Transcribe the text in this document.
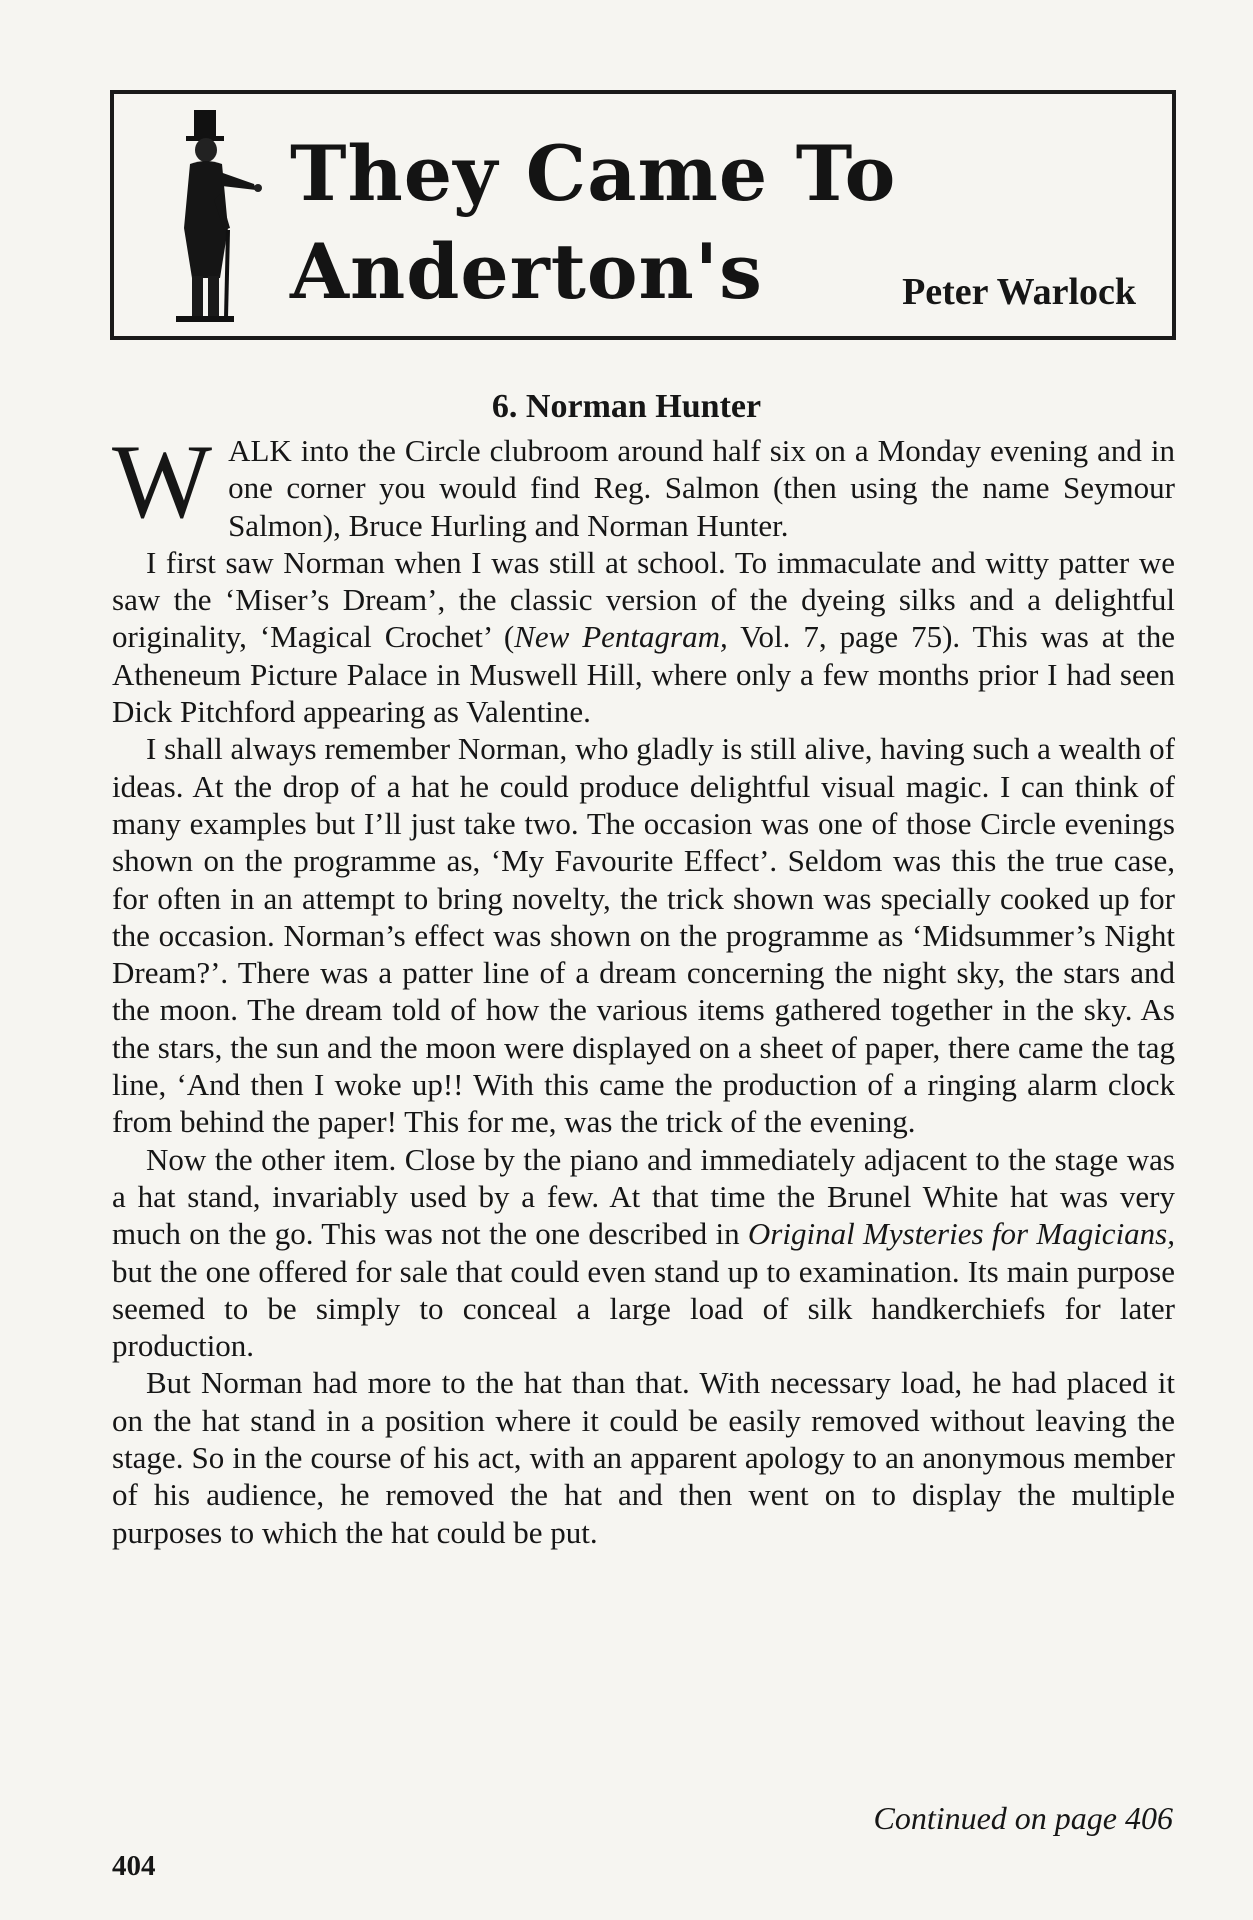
They Came To
Anderton's	Peter Warlock
6. Norman Hunter

WALK into the Circle clubroom around half six on a Monday evening and in one corner you would find Reg. Salmon (then using the name Seymour Salmon), Bruce Hurling and Norman Hunter.

I first saw Norman when I was still at school. To immaculate and witty patter we saw the ‘Miser’s Dream’, the classic version of the dyeing silks and a delightful originality, ‘Magical Crochet’ (New Pentagram, Vol. 7, page 75). This was at the Atheneum Picture Palace in Muswell Hill, where only a few months prior I had seen Dick Pitchford appearing as Valentine.

I shall always remember Norman, who gladly is still alive, having such a wealth of ideas. At the drop of a hat he could produce delightful visual magic. I can think of many examples but I’ll just take two. The occasion was one of those Circle evenings shown on the programme as, ‘My Favourite Effect’. Seldom was this the true case, for often in an attempt to bring novelty, the trick shown was specially cooked up for the occasion. Norman’s effect was shown on the programme as ‘Midsummer’s Night Dream?’. There was a patter line of a dream concerning the night sky, the stars and the moon. The dream told of how the various items gathered together in the sky. As the stars, the sun and the moon were displayed on a sheet of paper, there came the tag line, ‘And then I woke up!! With this came the production of a ringing alarm clock from behind the paper! This for me, was the trick of the evening.

Now the other item. Close by the piano and immediately adjacent to the stage was a hat stand, invariably used by a few. At that time the Brunel White hat was very much on the go. This was not the one described in Original Mysteries for Magicians, but the one offered for sale that could even stand up to examination. Its main purpose seemed to be simply to conceal a large load of silk handkerchiefs for later production.

But Norman had more to the hat than that. With necessary load, he had placed it on the hat stand in a position where it could be easily removed without leaving the stage. So in the course of his act, with an apparent apology to an anonymous member of his audience, he removed the hat and then went on to display the multiple purposes to which the hat could be put.

Continued on page 406
404
